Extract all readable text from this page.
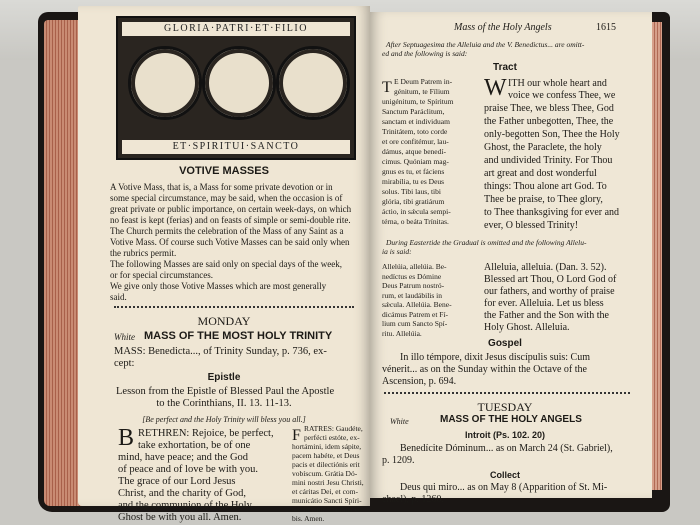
GLORIA·PATRI·ET·FILIO
ET·SPIRITUI·SANCTO
VOTIVE MASSES
A Votive Mass, that is, a Mass for some private devotion or in
some special circumstance, may be said, when the occasion is of
great private or public importance, on certain week-days, on which
no feast is kept (ferias) and on feasts of simple or semi-double rite.
The Church permits the celebration of the Mass of any Saint as a
Votive Mass. Of course such Votive Masses can be said only when
the rubrics permit.
The following Masses are said only on special days of the week,
or for special circumstances.
We give only those Votive Masses which are most generally
said.
MONDAY
White MASS OF THE MOST HOLY TRINITY
MASS: Benedicta..., of Trinity Sunday, p. 736, ex-
cept:
Epistle
Lesson from the Epistle of Blessed Paul the Apostle
to the Corinthians, II. 13. 11-13.
[Be perfect and the Holy Trinity will bless you all.]
B RETHREN: Rejoice, be perfect,
take exhortation, be of one
mind, have peace; and the God
of peace and of love be with you.
The grace of our Lord Jesus
Christ, and the charity of God,
and the communion of the Holy
Ghost be with you all. Amen.
F RATRES: Gaudéte,
perfécti estóte, ex-
hortámini, idem sápite,
pacem habéte, et Deus
pacis et dilectiónis erit
vobíscum. Grátia Dó-
mini nostri Jesu Christi,
et cáritas Dei, et com-
municátio Sancti Spíri-
tus sit cum ómnibus vo-
bis. Amen.
Mass of the Holy Angels	1615
After Septuagesima the Alleluia and the V. Benedictus... are omitt-
ed and the following is said:
Tract
T E Deum Patrem in-
génitum, te Fílium
unigénitum, te Spíritum
Sanctum Paráclitum,
sanctam et individuam
Trinitátem, toto corde
et ore confitémur, lau-
dámus, atque benedí-
cimus. Quóniam mag-
gnus es tu, et fáciens
mirabília, tu es Deus
solus. Tibi laus, tibi
glória, tibi gratiárum
áctio, in sǽcula sempi-
térna, o beáta Trínitas.
W ITH our whole heart and
voice we confess Thee, we
praise Thee, we bless Thee, God
the Father unbegotten, Thee, the
only-begotten Son, Thee the Holy
Ghost, the Paraclete, the holy
and undivided Trinity. For Thou
art great and dost wonderful
things: Thou alone art God. To
Thee be praise, to Thee glory,
to Thee thanksgiving for ever and
ever, O blessed Trinity!
During Eastertide the Gradual is omitted and the following Allelu-
ia is said:
Allelúia, allelúia. Be-
nedíctus es Dómine
Deus Patrum nostró-
rum, et laudábilis in
sǽcula. Allelúia. Bene-
dicámus Patrem et Fí-
lium cum Sancto Spí-
ritu. Allelúia.
Alleluia, alleluia. (Dan. 3. 52).
Blessed art Thou, O Lord God of
our fathers, and worthy of praise
for ever. Alleluia. Let us bless
the Father and the Son with the
Holy Ghost. Alleluia.
Gospel
In illo témpore, dixit Jesus discípulis suis: Cum
vénerit... as on the Sunday within the Octave of the
Ascension, p. 694.
TUESDAY
White	MASS OF THE HOLY ANGELS
Introit (Ps. 102. 20)
Benedícite Dóminum... as on March 24 (St. Gabriel),
p. 1209.
Collect
Deus qui miro... as on May 8 (Apparition of St. Mi-
chael), p. 1260.
